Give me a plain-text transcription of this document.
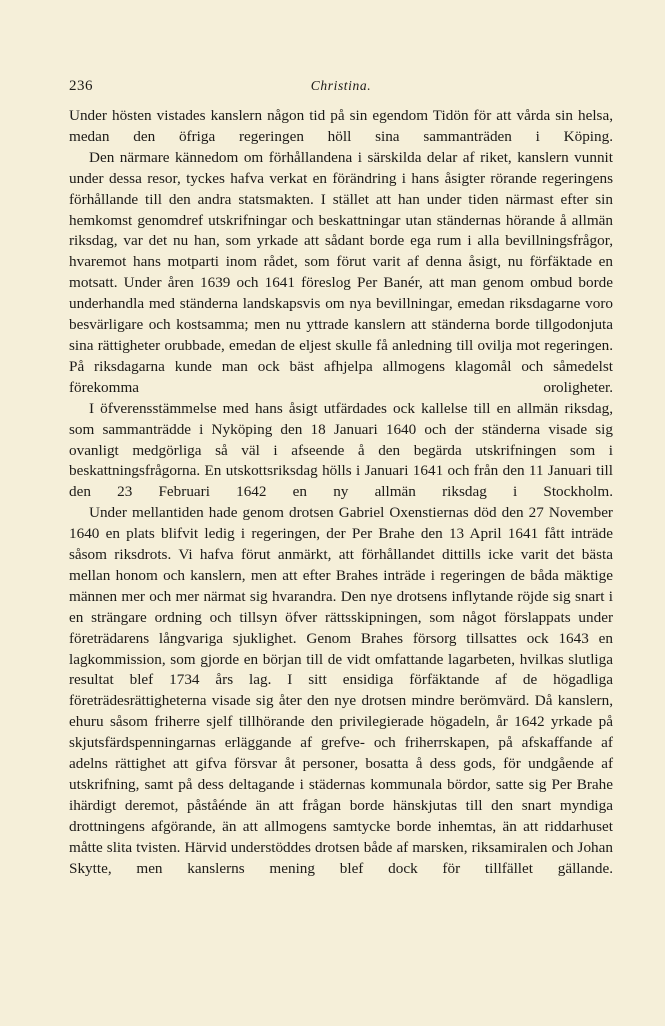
236	Christina.

Under hösten vistades kanslern någon tid på sin egendom Tidön för att vårda sin helsa, medan den öfriga regeringen höll sina sammanträden i Köping.

Den närmare kännedom om förhållandena i särskilda delar af riket, kanslern vunnit under dessa resor, tyckes hafva verkat en förändring i hans åsigter rörande regeringens förhållande till den andra statsmakten. I stället att han under tiden närmast efter sin hemkomst genomdref utskrifningar och beskattningar utan ständernas hörande å allmän riksdag, var det nu han, som yrkade att sådant borde ega rum i alla bevillningsfrågor, hvaremot hans motparti inom rådet, som förut varit af denna åsigt, nu förfäktade en motsatt. Under åren 1639 och 1641 föreslog Per Banér, att man genom ombud borde underhandla med ständerna landskapsvis om nya bevillningar, emedan riksdagarne voro besvärligare och kostsamma; men nu yttrade kanslern att ständerna borde tillgodonjuta sina rättigheter orubbade, emedan de eljest skulle få anledning till ovilja mot regeringen. På riksdagarna kunde man ock bäst afhjelpa allmogens klagomål och såmedelst förekomma oroligheter.

I öfverensstämmelse med hans åsigt utfärdades ock kallelse till en allmän riksdag, som sammanträdde i Nyköping den 18 Januari 1640 och der ständerna visade sig ovanligt medgörliga så väl i afseende å den begärda utskrifningen som i beskattningsfrågorna. En utskottsriksdag hölls i Januari 1641 och från den 11 Januari till den 23 Februari 1642 en ny allmän riksdag i Stockholm.

Under mellantiden hade genom drotsen Gabriel Oxenstiernas död den 27 November 1640 en plats blifvit ledig i regeringen, der Per Brahe den 13 April 1641 fått inträde såsom riksdrots. Vi hafva förut anmärkt, att förhållandet dittills icke varit det bästa mellan honom och kanslern, men att efter Brahes inträde i regeringen de båda mäktige männen mer och mer närmat sig hvarandra. Den nye drotsens inflytande röjde sig snart i en strängare ordning och tillsyn öfver rättsskipningen, som något förslappats under företrädarens långvariga sjuklighet. Genom Brahes försorg tillsattes ock 1643 en lagkommission, som gjorde en början till de vidt omfattande lagarbeten, hvilkas slutliga resultat blef 1734 års lag. I sitt ensidiga förfäktande af de högadliga företrädesrättigheterna visade sig åter den nye drotsen mindre berömvärd. Då kanslern, ehuru såsom friherre sjelf tillhörande den privilegierade högadeln, år 1642 yrkade på skjutsfärdspenningarnas erläggande af grefve- och friherrskapen, på afskaffande af adelns rättighet att gifva försvar åt personer, bosatta å dess gods, för undgående af utskrifning, samt på dess deltagande i städernas kommunala bördor, satte sig Per Brahe ihärdigt deremot, påståénde än att frågan borde hänskjutas till den snart myndiga drottningens afgörande, än att allmogens samtycke borde inhemtas, än att riddarhuset måtte slita tvisten. Härvid understöddes drotsen både af marsken, riksamiralen och Johan Skytte, men kanslerns mening blef dock för tillfället gällande.
